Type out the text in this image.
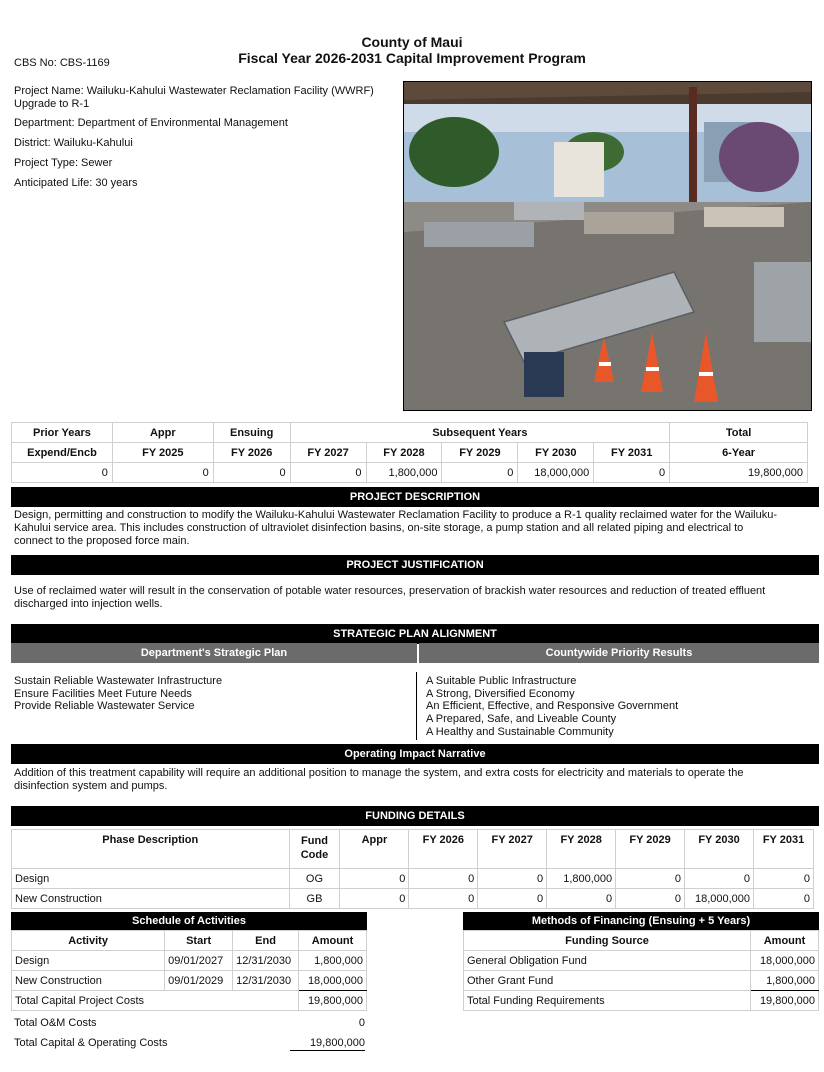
County of Maui
Fiscal Year 2026-2031 Capital Improvement Program
CBS No: CBS-1169
Project Name: Wailuku-Kahului Wastewater Reclamation Facility (WWRF)
Upgrade to R-1
Department: Department of Environmental Management
District: Wailuku-Kahului
Project Type: Sewer
Anticipated Life: 30 years
Prior Years	Appr	Ensuing	Subsequent Years					Total
Expend/Encb	FY 2025	FY 2026	FY 2027	FY 2028	FY 2029	FY 2030	FY 2031	6-Year
0	0	0	0	1,800,000	0	18,000,000	0	19,800,000
PROJECT DESCRIPTION
Design, permitting and construction to modify the Wailuku-Kahului Wastewater Reclamation Facility to produce a R-1 quality reclaimed water for the Wailuku-
Kahului service area. This includes construction of ultraviolet disinfection basins, on-site storage, a pump station and all related piping and electrical to
connect to the proposed force main.
PROJECT JUSTIFICATION
Use of reclaimed water will result in the conservation of potable water resources, preservation of brackish water resources and reduction of treated effluent
discharged into injection wells.
STRATEGIC PLAN ALIGNMENT
Department's Strategic Plan	Countywide Priority Results
Sustain Reliable Wastewater Infrastructure
Ensure Facilities Meet Future Needs
Provide Reliable Wastewater Service
A Suitable Public Infrastructure
A Strong, Diversified Economy
An Efficient, Effective, and Responsive Government
A Prepared, Safe, and Liveable County
A Healthy and Sustainable Community
Operating Impact Narrative
Addition of this treatment capability will require an additional position to manage the system, and extra costs for electricity and materials to operate the
disinfection system and pumps.
FUNDING DETAILS
Phase Description	Fund
Code	Appr	FY 2026	FY 2027	FY 2028	FY 2029	FY 2030	FY 2031
Design	OG	0	0	0	1,800,000	0	0	0
New Construction	GB	0	0	0	0	0	18,000,000	0
Schedule of Activities
Activity	Start	End	Amount
Design	09/01/2027	12/31/2030	1,800,000
New Construction	09/01/2029	12/31/2030	18,000,000
Total Capital Project Costs			19,800,000
Total O&M Costs	0
Total Capital & Operating Costs	19,800,000
Methods of Financing (Ensuing + 5 Years)
Funding Source	Amount
General Obligation Fund	18,000,000
Other Grant Fund	1,800,000
Total Funding Requirements	19,800,000
